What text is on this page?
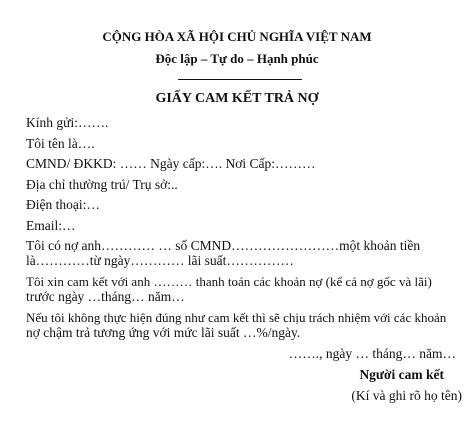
CỘNG HÒA XÃ HỘI CHỦ NGHĨA VIỆT NAM
Độc lập – Tự do – Hạnh phúc
GIẤY CAM KẾT TRẢ NỢ
Kính gửi:…….
Tôi tên là….
CMND/ ĐKKD: …… Ngày cấp:…. Nơi Cấp:………
Địa chỉ thường trú/ Trụ sở:..
Điện thoại:…
Email:…
Tôi có nợ anh………… … số CMND……………………một khoản tiền
là…………từ ngày………… lãi suất……………
Tôi xin cam kết với anh ……… thanh toán các khoản nợ (kể cả nợ gốc và lãi)
trước ngày …tháng… năm…
Nếu tôi không thực hiện đúng như cam kết thì sẽ chịu trách nhiệm với các khoản
nợ chậm trả tương ứng với mức lãi suất …%/ngày.
……., ngày … tháng… năm…
Người cam kết
(Kí và ghi rõ họ tên)
